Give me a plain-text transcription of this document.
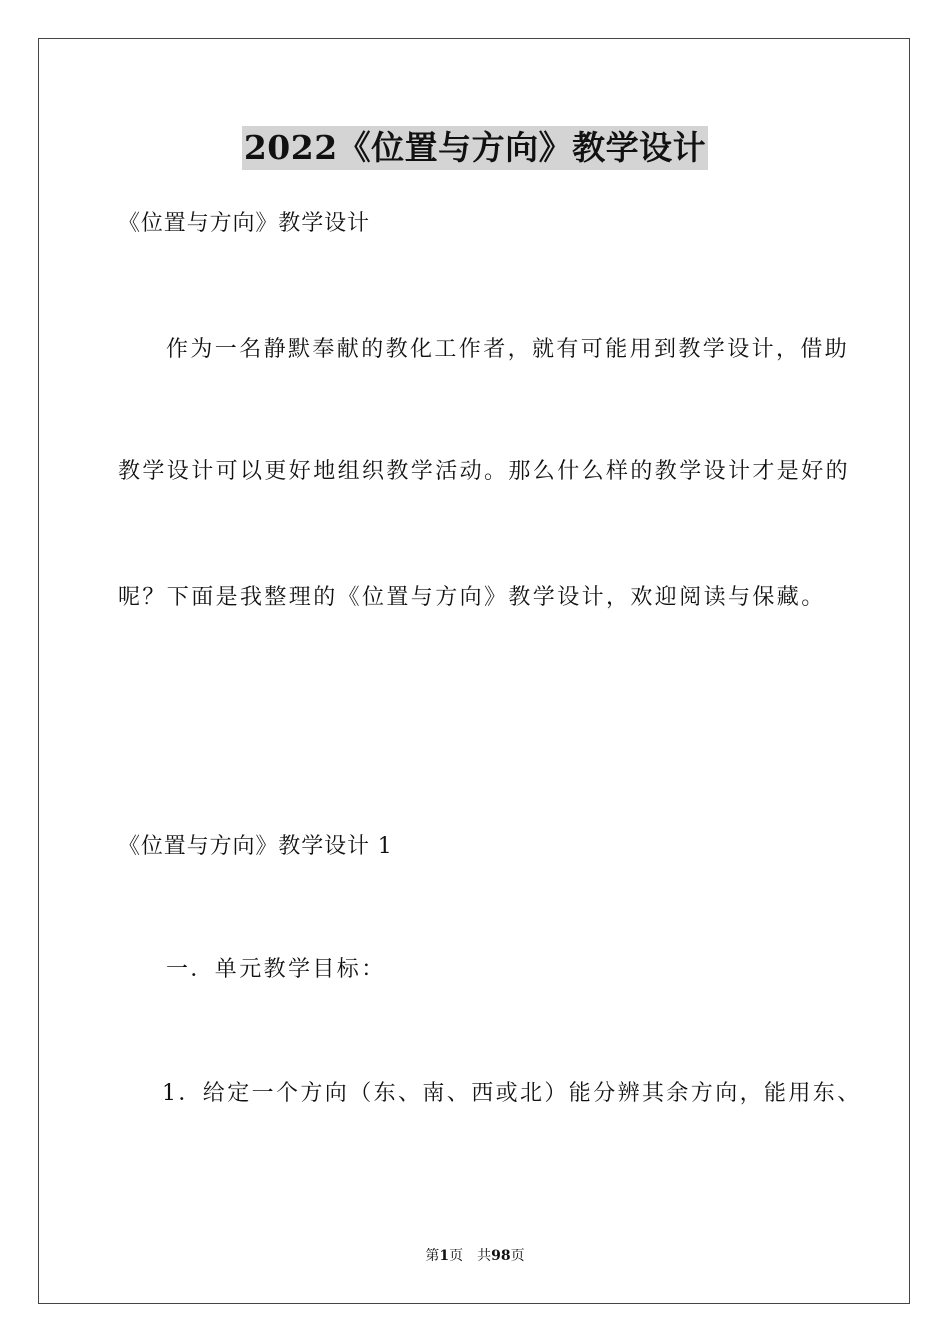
2022《位置与方向》教学设计
《位置与方向》教学设计
作为一名静默奉献的教化工作者，就有可能用到教学设计，借助
教学设计可以更好地组织教学活动。那么什么样的教学设计才是好的
呢？下面是我整理的《位置与方向》教学设计，欢迎阅读与保藏。
《位置与方向》教学设计 1
一．单元教学目标：
1．给定一个方向（东、南、西或北）能分辨其余方向，能用东、
第1页 共98页
